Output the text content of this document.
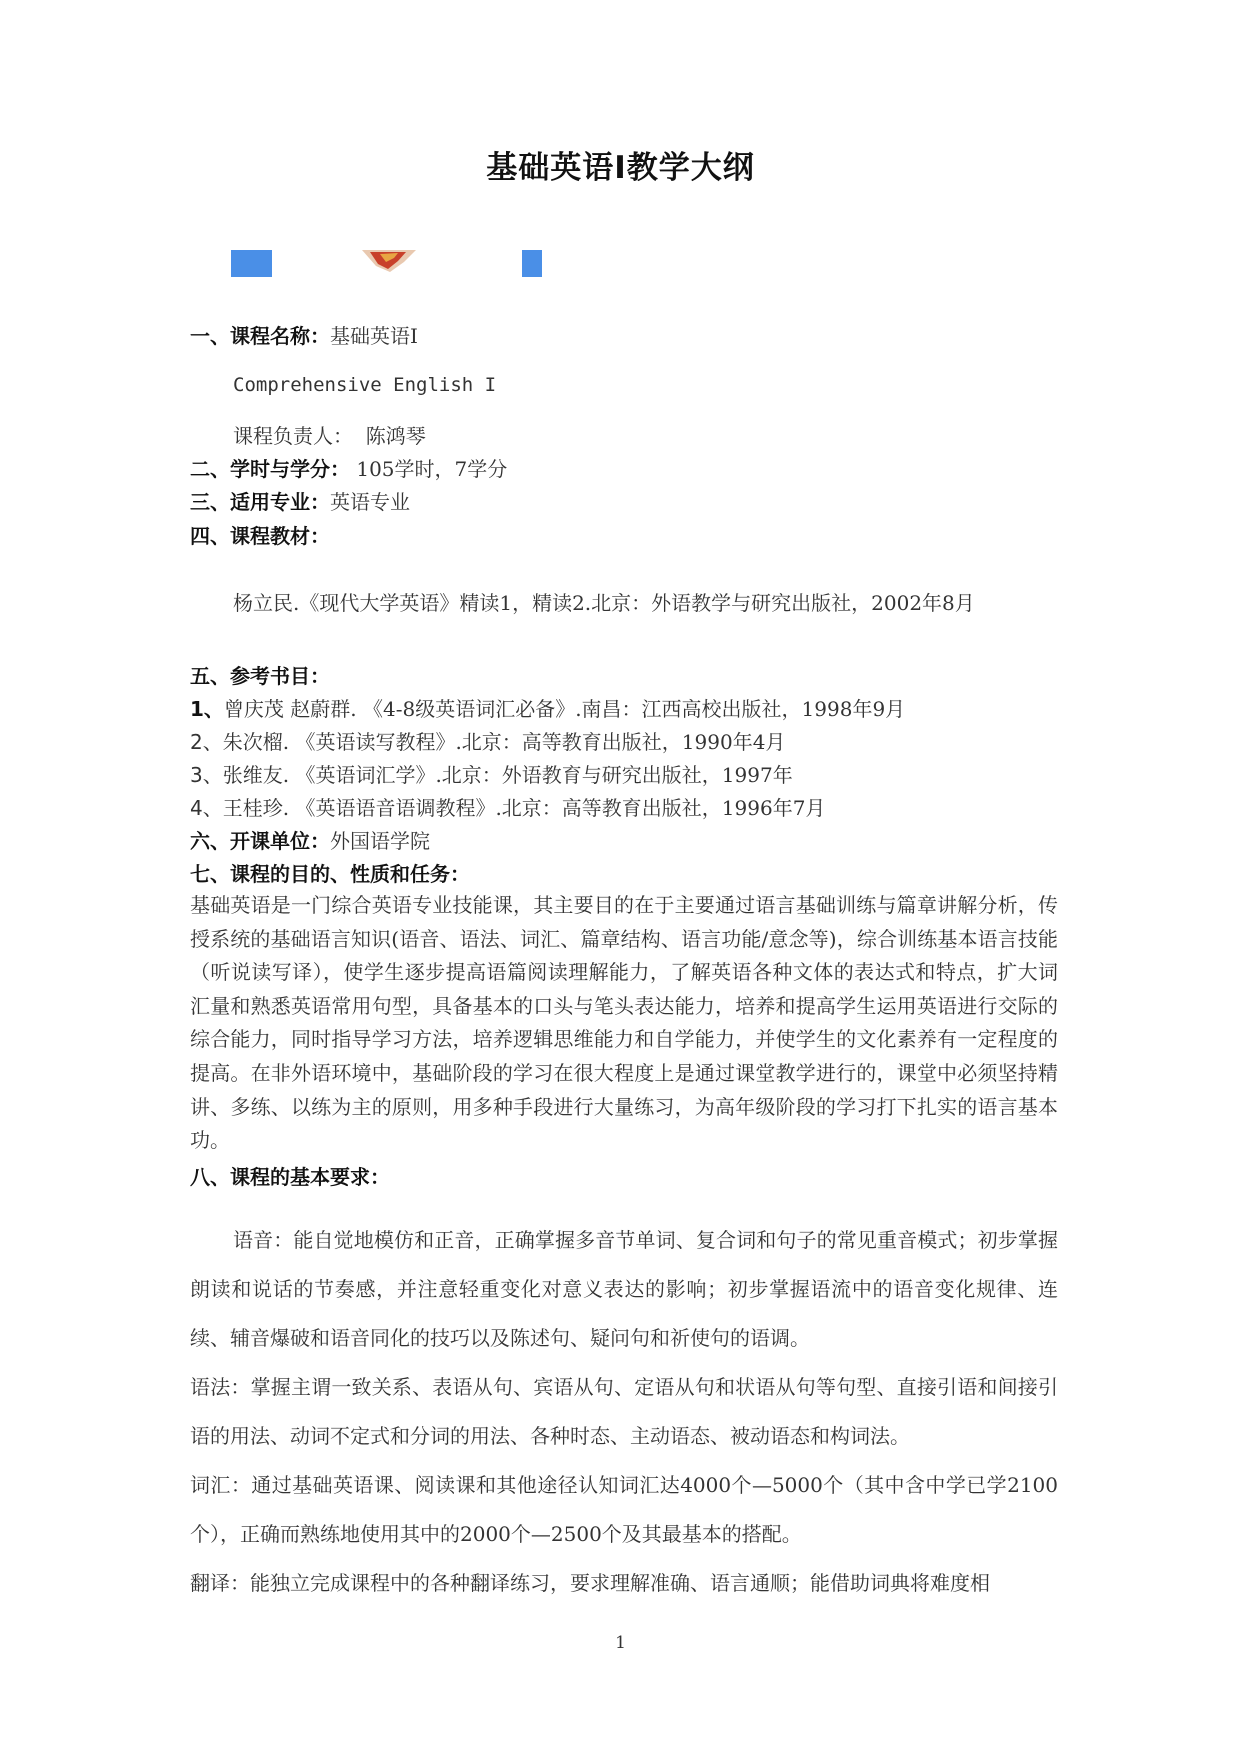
基础英语Ⅰ教学大纲
一、课程名称：基础英语Ⅰ
Comprehensive English I
课程负责人： 陈鸿琴
二、学时与学分： 105学时，7学分
三、适用专业：英语专业
四、课程教材：
杨立民.《现代大学英语》精读1，精读2.北京：外语教学与研究出版社，2002年8月
五、参考书目：
1、曾庆茂 赵蔚群. 《4-8级英语词汇必备》.南昌：江西高校出版社，1998年9月
2、朱次榴. 《英语读写教程》.北京：高等教育出版社，1990年4月
3、张维友. 《英语词汇学》.北京：外语教育与研究出版社，1997年
4、王桂珍. 《英语语音语调教程》.北京：高等教育出版社，1996年7月
六、开课单位：外国语学院
七、课程的目的、性质和任务：
基础英语是一门综合英语专业技能课，其主要目的在于主要通过语言基础训练与篇章讲解分析，传授系统的基础语言知识(语音、语法、词汇、篇章结构、语言功能/意念等)，综合训练基本语言技能（听说读写译），使学生逐步提高语篇阅读理解能力，了解英语各种文体的表达式和特点，扩大词汇量和熟悉英语常用句型，具备基本的口头与笔头表达能力，培养和提高学生运用英语进行交际的综合能力，同时指导学习方法，培养逻辑思维能力和自学能力，并使学生的文化素养有一定程度的提高。在非外语环境中，基础阶段的学习在很大程度上是通过课堂教学进行的，课堂中必须坚持精讲、多练、以练为主的原则，用多种手段进行大量练习，为高年级阶段的学习打下扎实的语言基本功。
八、课程的基本要求：
语音：能自觉地模仿和正音，正确掌握多音节单词、复合词和句子的常见重音模式；初步掌握朗读和说话的节奏感，并注意轻重变化对意义表达的影响；初步掌握语流中的语音变化规律、连续、辅音爆破和语音同化的技巧以及陈述句、疑问句和祈使句的语调。
语法：掌握主谓一致关系、表语从句、宾语从句、定语从句和状语从句等句型、直接引语和间接引语的用法、动词不定式和分词的用法、各种时态、主动语态、被动语态和构词法。
词汇：通过基础英语课、阅读课和其他途径认知词汇达4000个—5000个（其中含中学已学2100个），正确而熟练地使用其中的2000个—2500个及其最基本的搭配。
翻译：能独立完成课程中的各种翻译练习，要求理解准确、语言通顺；能借助词典将难度相
1
